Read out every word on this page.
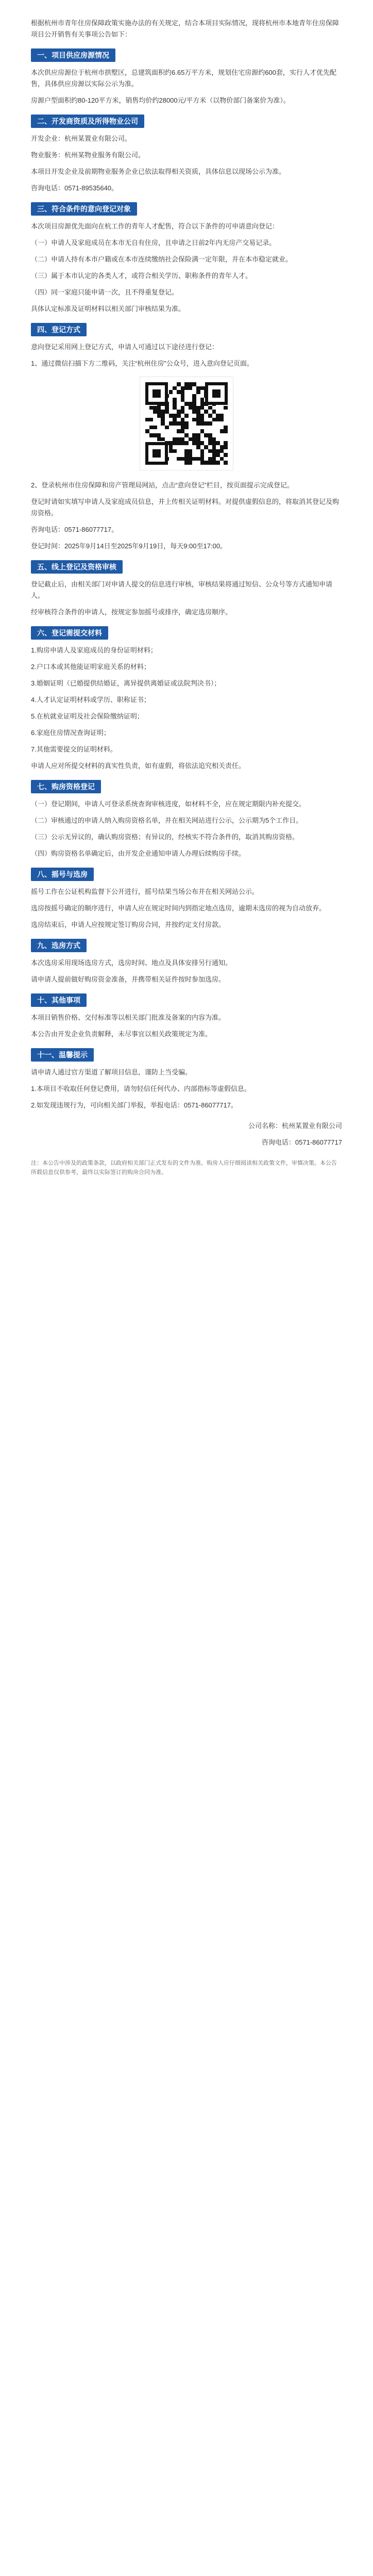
根据杭州市青年住房保障政策实施办法的有关规定，结合本项目实际情况，现将杭州市本地青年住房保障项目公开销售有关事项公告如下：

一、项目供应房源情况

本次供应房源位于杭州市拱墅区，总建筑面积约6.65万平方米，规划住宅房源约600套，实行人才优先配售，具体供应房源以实际公示为准。

房源户型面积约80-120平方米，销售均价约28000元/平方米（以物价部门备案价为准）。

二、开发商资质及所得物业公司

开发企业：杭州某置业有限公司。

物业服务：杭州某物业服务有限公司。

本项目开发企业及前期物业服务企业已依法取得相关资质，具体信息以现场公示为准。

咨询电话：0571-89535640。

三、符合条件的意向登记对象

本次项目房源优先面向在杭工作的青年人才配售，符合以下条件的可申请意向登记：

（一）申请人及家庭成员在本市无自有住房，且申请之日前2年内无房产交易记录。

（二）申请人持有本市户籍或在本市连续缴纳社会保险满一定年限，并在本市稳定就业。

（三）属于本市认定的各类人才，或符合相关学历、职称条件的青年人才。

（四）同一家庭只能申请一次，且不得重复登记。

具体认定标准及证明材料以相关部门审核结果为准。

四、登记方式

意向登记采用网上登记方式，申请人可通过以下途径进行登记：

1、通过微信扫描下方二维码，关注“杭州住房”公众号，进入意向登记页面。

2、登录杭州市住房保障和房产管理局网站，点击“意向登记”栏目，按页面提示完成登记。

登记时请如实填写申请人及家庭成员信息，并上传相关证明材料。对提供虚假信息的，将取消其登记及购房资格。

咨询电话：0571-86077717。

登记时间：2025年9月14日至2025年9月19日，每天9:00至17:00。

五、线上登记及资格审核

登记截止后，由相关部门对申请人提交的信息进行审核，审核结果将通过短信、公众号等方式通知申请人。

经审核符合条件的申请人，按规定参加摇号或排序，确定选房顺序。

六、登记需提交材料

1.购房申请人及家庭成员的身份证明材料；

2.户口本或其他能证明家庭关系的材料；

3.婚姻证明（已婚提供结婚证，离异提供离婚证或法院判决书）；

4.人才认定证明材料或学历、职称证书；

5.在杭就业证明及社会保险缴纳证明；

6.家庭住房情况查询证明；

7.其他需要提交的证明材料。

申请人应对所提交材料的真实性负责，如有虚假，将依法追究相关责任。

七、购房资格登记

（一）登记期间，申请人可登录系统查询审核进度，如材料不全，应在规定期限内补充提交。

（二）审核通过的申请人纳入购房资格名单，并在相关网站进行公示，公示期为5个工作日。

（三）公示无异议的，确认购房资格；有异议的，经核实不符合条件的，取消其购房资格。

（四）购房资格名单确定后，由开发企业通知申请人办理后续购房手续。

八、摇号与选房

摇号工作在公证机构监督下公开进行，摇号结果当场公布并在相关网站公示。

选房按摇号确定的顺序进行，申请人应在规定时间内到指定地点选房，逾期未选房的视为自动放弃。

选房结束后，申请人应按规定签订购房合同，并按约定支付房款。

九、选房方式

本次选房采用现场选房方式，选房时间、地点及具体安排另行通知。

请申请人提前做好购房资金准备，并携带相关证件按时参加选房。

十、其他事项

本项目销售价格、交付标准等以相关部门批准及备案的内容为准。

本公告由开发企业负责解释，未尽事宜以相关政策规定为准。

十一、温馨提示

请申请人通过官方渠道了解项目信息，谨防上当受骗。

1.本项目不收取任何登记费用，请勿轻信任何代办、内部指标等虚假信息。

2.如发现违规行为，可向相关部门举报，举报电话：0571-86077717。

公司名称：杭州某置业有限公司

咨询电话：0571-86077717

注：本公告中涉及的政策条款，以政府相关部门正式发布的文件为准。购房人应仔细阅读相关政策文件，审慎决策。本公告所载信息仅供参考，最终以实际签订的购房合同为准。
